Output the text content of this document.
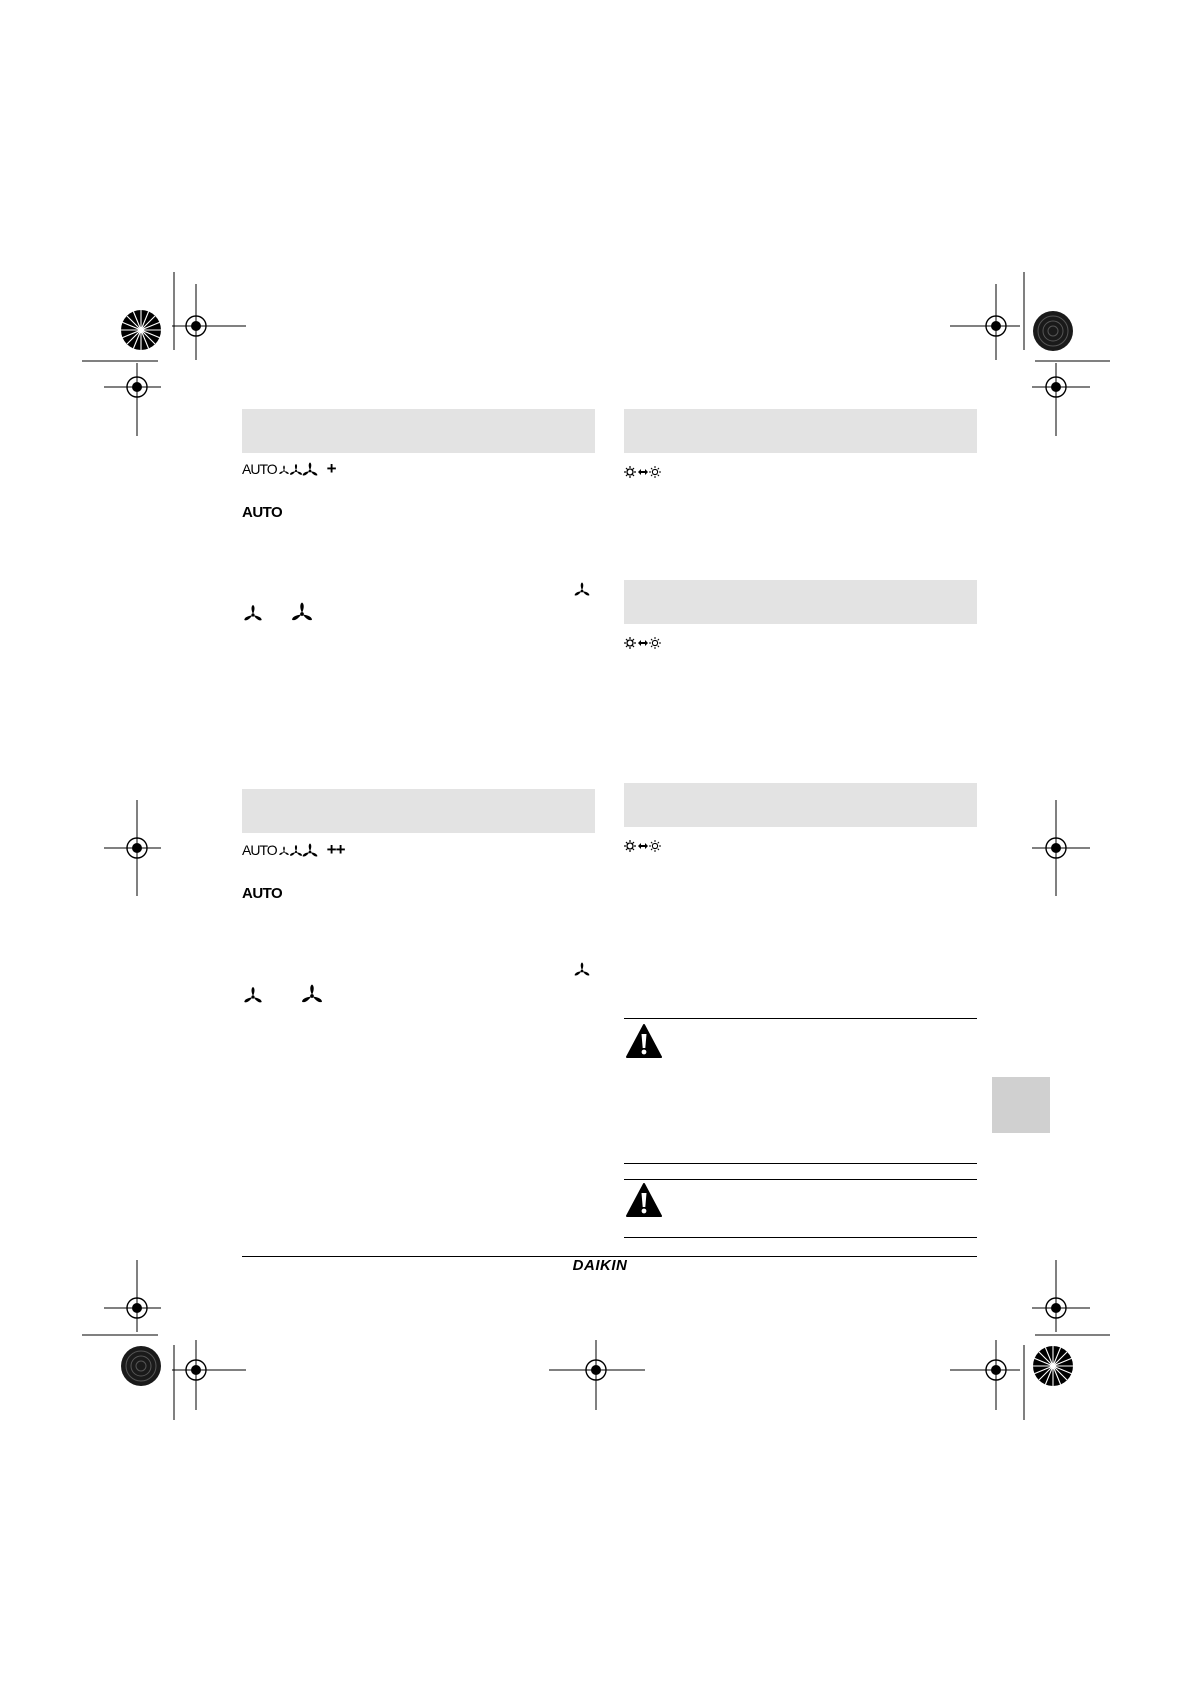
AUTO	+
AUTO
AUTO	++
AUTO
DAIKIN
